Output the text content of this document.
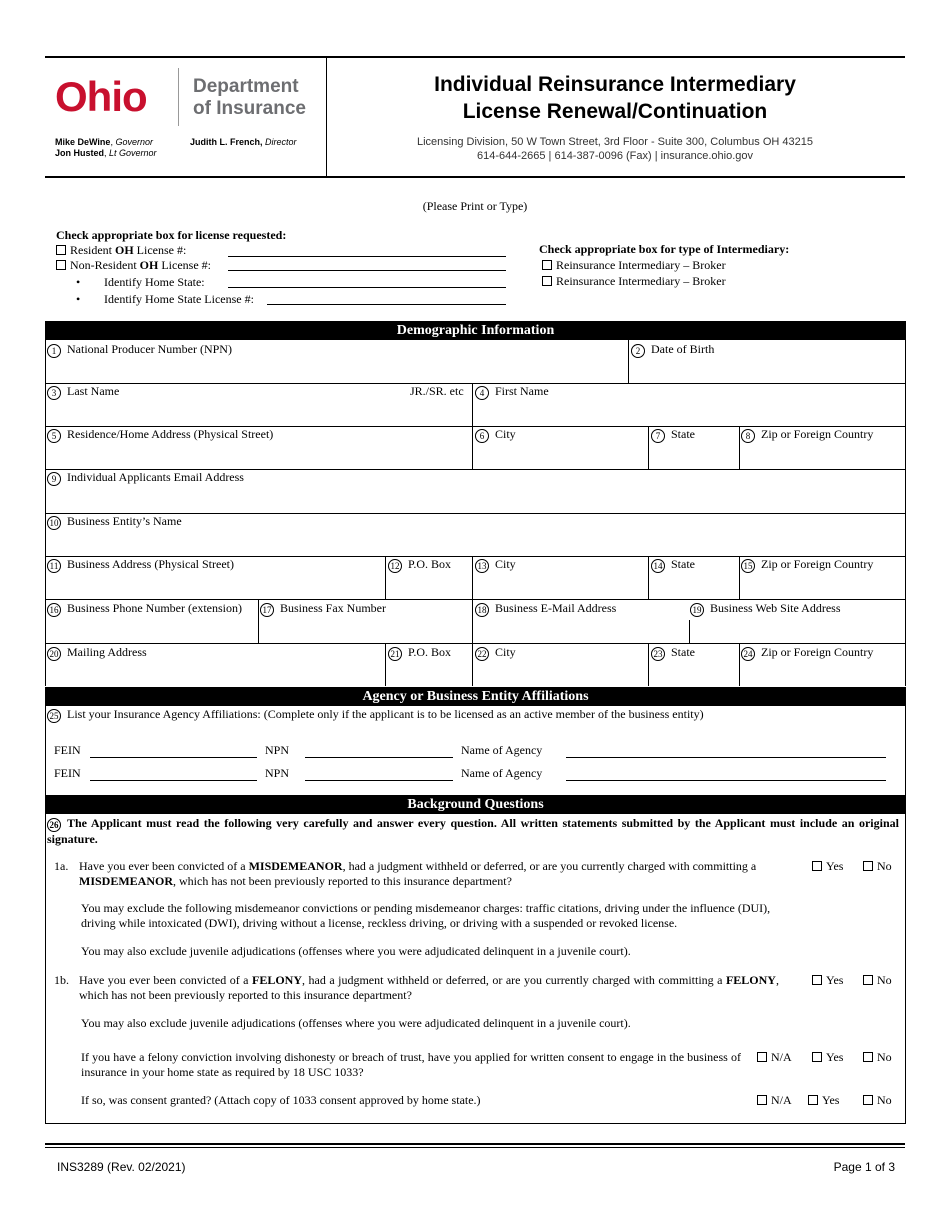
Ohio Department
of Insurance
Mike DeWine, Governor
Jon Husted, Lt Governor
Judith L. French, Director
Individual Reinsurance Intermediary
License Renewal/Continuation
Licensing Division, 50 W Town Street, 3rd Floor - Suite 300, Columbus OH 43215
614-644-2665 | 614-387-0096 (Fax) | insurance.ohio.gov
(Please Print or Type)
Check appropriate box for license requested:
Resident OH License #:
Non-Resident OH License #:
• Identify Home State:
• Identify Home State License #:
Check appropriate box for type of Intermediary:
Reinsurance Intermediary – Broker
Reinsurance Intermediary – Broker
Demographic Information
1 National Producer Number (NPN)	2 Date of Birth
3 Last Name	JR./SR. etc	4 First Name
5 Residence/Home Address (Physical Street)	6 City	7 State	8 Zip or Foreign Country
9 Individual Applicants Email Address
10 Business Entity’s Name
11 Business Address (Physical Street)	12 P.O. Box	13 City	14 State	15 Zip or Foreign Country
16 Business Phone Number (extension) 17 Business Fax Number	18 Business E-Mail Address	19 Business Web Site Address
20 Mailing Address	21 P.O. Box	22 City	23 State	24 Zip or Foreign Country
Agency or Business Entity Affiliations
25 List your Insurance Agency Affiliations: (Complete only if the applicant is to be licensed as an active member of the business entity)
FEIN	NPN	Name of Agency
FEIN	NPN	Name of Agency
Background Questions
26 The Applicant must read the following very carefully and answer every question. All written statements submitted by the Applicant must include an original signature.
1a. Have you ever been convicted of a MISDEMEANOR, had a judgment withheld or deferred, or are you currently charged with committing a MISDEMEANOR, which has not been previously reported to this insurance department?
Yes	No
You may exclude the following misdemeanor convictions or pending misdemeanor charges: traffic citations, driving under the influence (DUI), driving while intoxicated (DWI), driving without a license, reckless driving, or driving with a suspended or revoked license.
You may also exclude juvenile adjudications (offenses where you were adjudicated delinquent in a juvenile court).
1b. Have you ever been convicted of a FELONY, had a judgment withheld or deferred, or are you currently charged with committing a FELONY, which has not been previously reported to this insurance department?
Yes	No
You may also exclude juvenile adjudications (offenses where you were adjudicated delinquent in a juvenile court).
If you have a felony conviction involving dishonesty or breach of trust, have you applied for written consent to engage in the business of insurance in your home state as required by 18 USC 1033?
N/A	Yes	No
If so, was consent granted? (Attach copy of 1033 consent approved by home state.)	N/A	Yes	No
INS3289 (Rev. 02/2021)	Page 1 of 3
